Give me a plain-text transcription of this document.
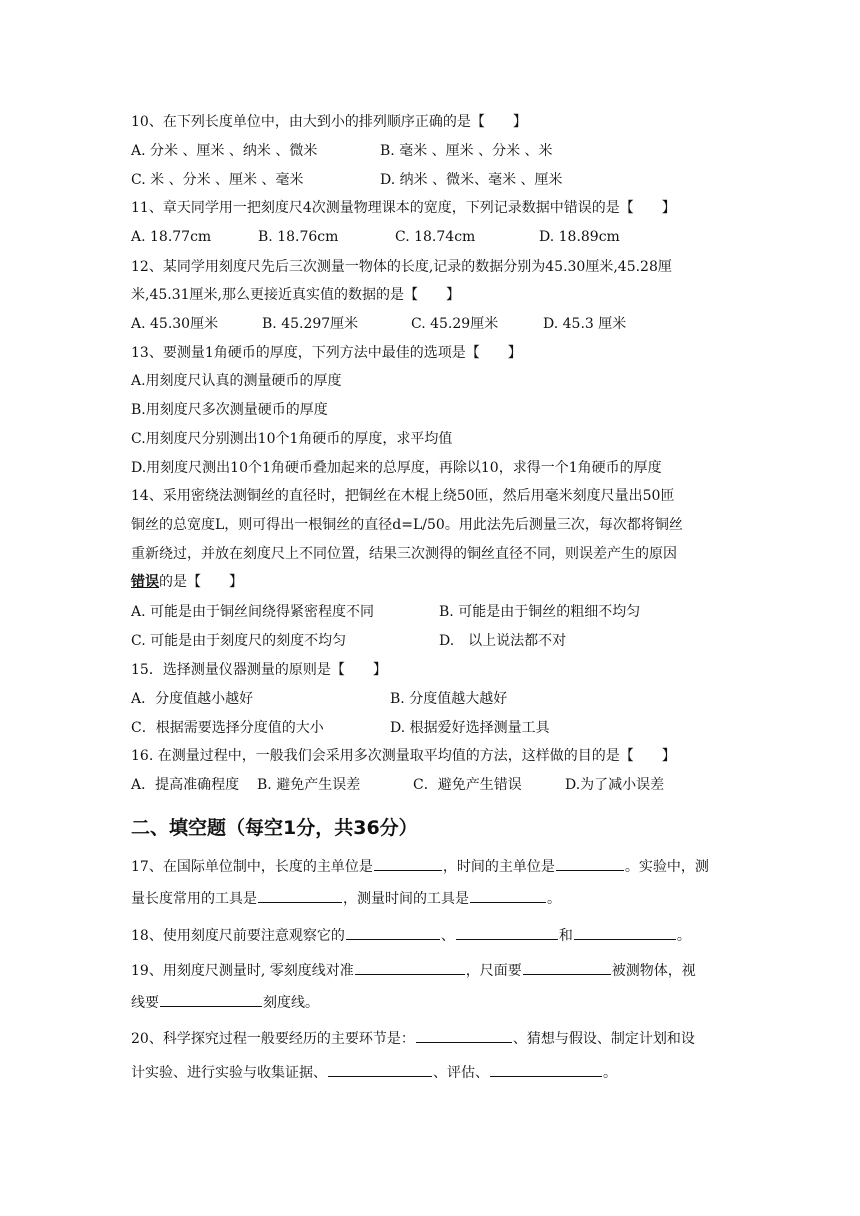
10、在下列长度单位中，由大到小的排列顺序正确的是【　　】
A. 分米 、厘米 、纳米 、微米	B. 毫米 、厘米 、分米 、米
C. 米 、分米 、厘米 、毫米	D. 纳米 、微米、毫米 、厘米
11、章天同学用一把刻度尺4次测量物理课本的宽度，下列记录数据中错误的是【　　】
A. 18.77cm	B. 18.76cm	C. 18.74cm	D. 18.89cm
12、某同学用刻度尺先后三次测量一物体的长度,记录的数据分别为45.30厘米,45.28厘
米,45.31厘米,那么更接近真实值的数据的是【　　】
A. 45.30厘米	B. 45.297厘米	C. 45.29厘米	D. 45.3 厘米
13、要测量1角硬币的厚度，下列方法中最佳的选项是【　　】
A.用刻度尺认真的测量硬币的厚度
B.用刻度尺多次测量硬币的厚度
C.用刻度尺分别测出10个1角硬币的厚度，求平均值
D.用刻度尺测出10个1角硬币叠加起来的总厚度，再除以10，求得一个1角硬币的厚度
14、采用密绕法测铜丝的直径时，把铜丝在木棍上绕50匝，然后用毫米刻度尺量出50匝
铜丝的总宽度L，则可得出一根铜丝的直径d=L/50。用此法先后测量三次，每次都将铜丝
重新绕过，并放在刻度尺上不同位置，结果三次测得的铜丝直径不同，则误差产生的原因
错误的是【　　】
A. 可能是由于铜丝间绕得紧密程度不同	B. 可能是由于铜丝的粗细不均匀
C. 可能是由于刻度尺的刻度不均匀	D.　以上说法都不对
15．选择测量仪器测量的原则是【　　】
A．分度值越小越好	B. 分度值越大越好
C．根据需要选择分度值的大小	D. 根据爱好选择测量工具
16. 在测量过程中，一般我们会采用多次测量取平均值的方法，这样做的目的是【　　】
A．提高准确程度 B. 避免产生误差	C．避免产生错误	D.为了减小误差
二、填空题（每空1分，共36分）
17、在国际单位制中，长度的主单位是	，时间的主单位是	。实验中，测
量长度常用的工具是	，测量时间的工具是	。
18、使用刻度尺前要注意观察它的	、	和	。
19、用刻度尺测量时, 零刻度线对准	，尺面要	被测物体，视
线要	刻度线。
20、科学探究过程一般要经历的主要环节是：	、猜想与假设、制定计划和设
计实验、进行实验与收集证据、	、评估、	。
